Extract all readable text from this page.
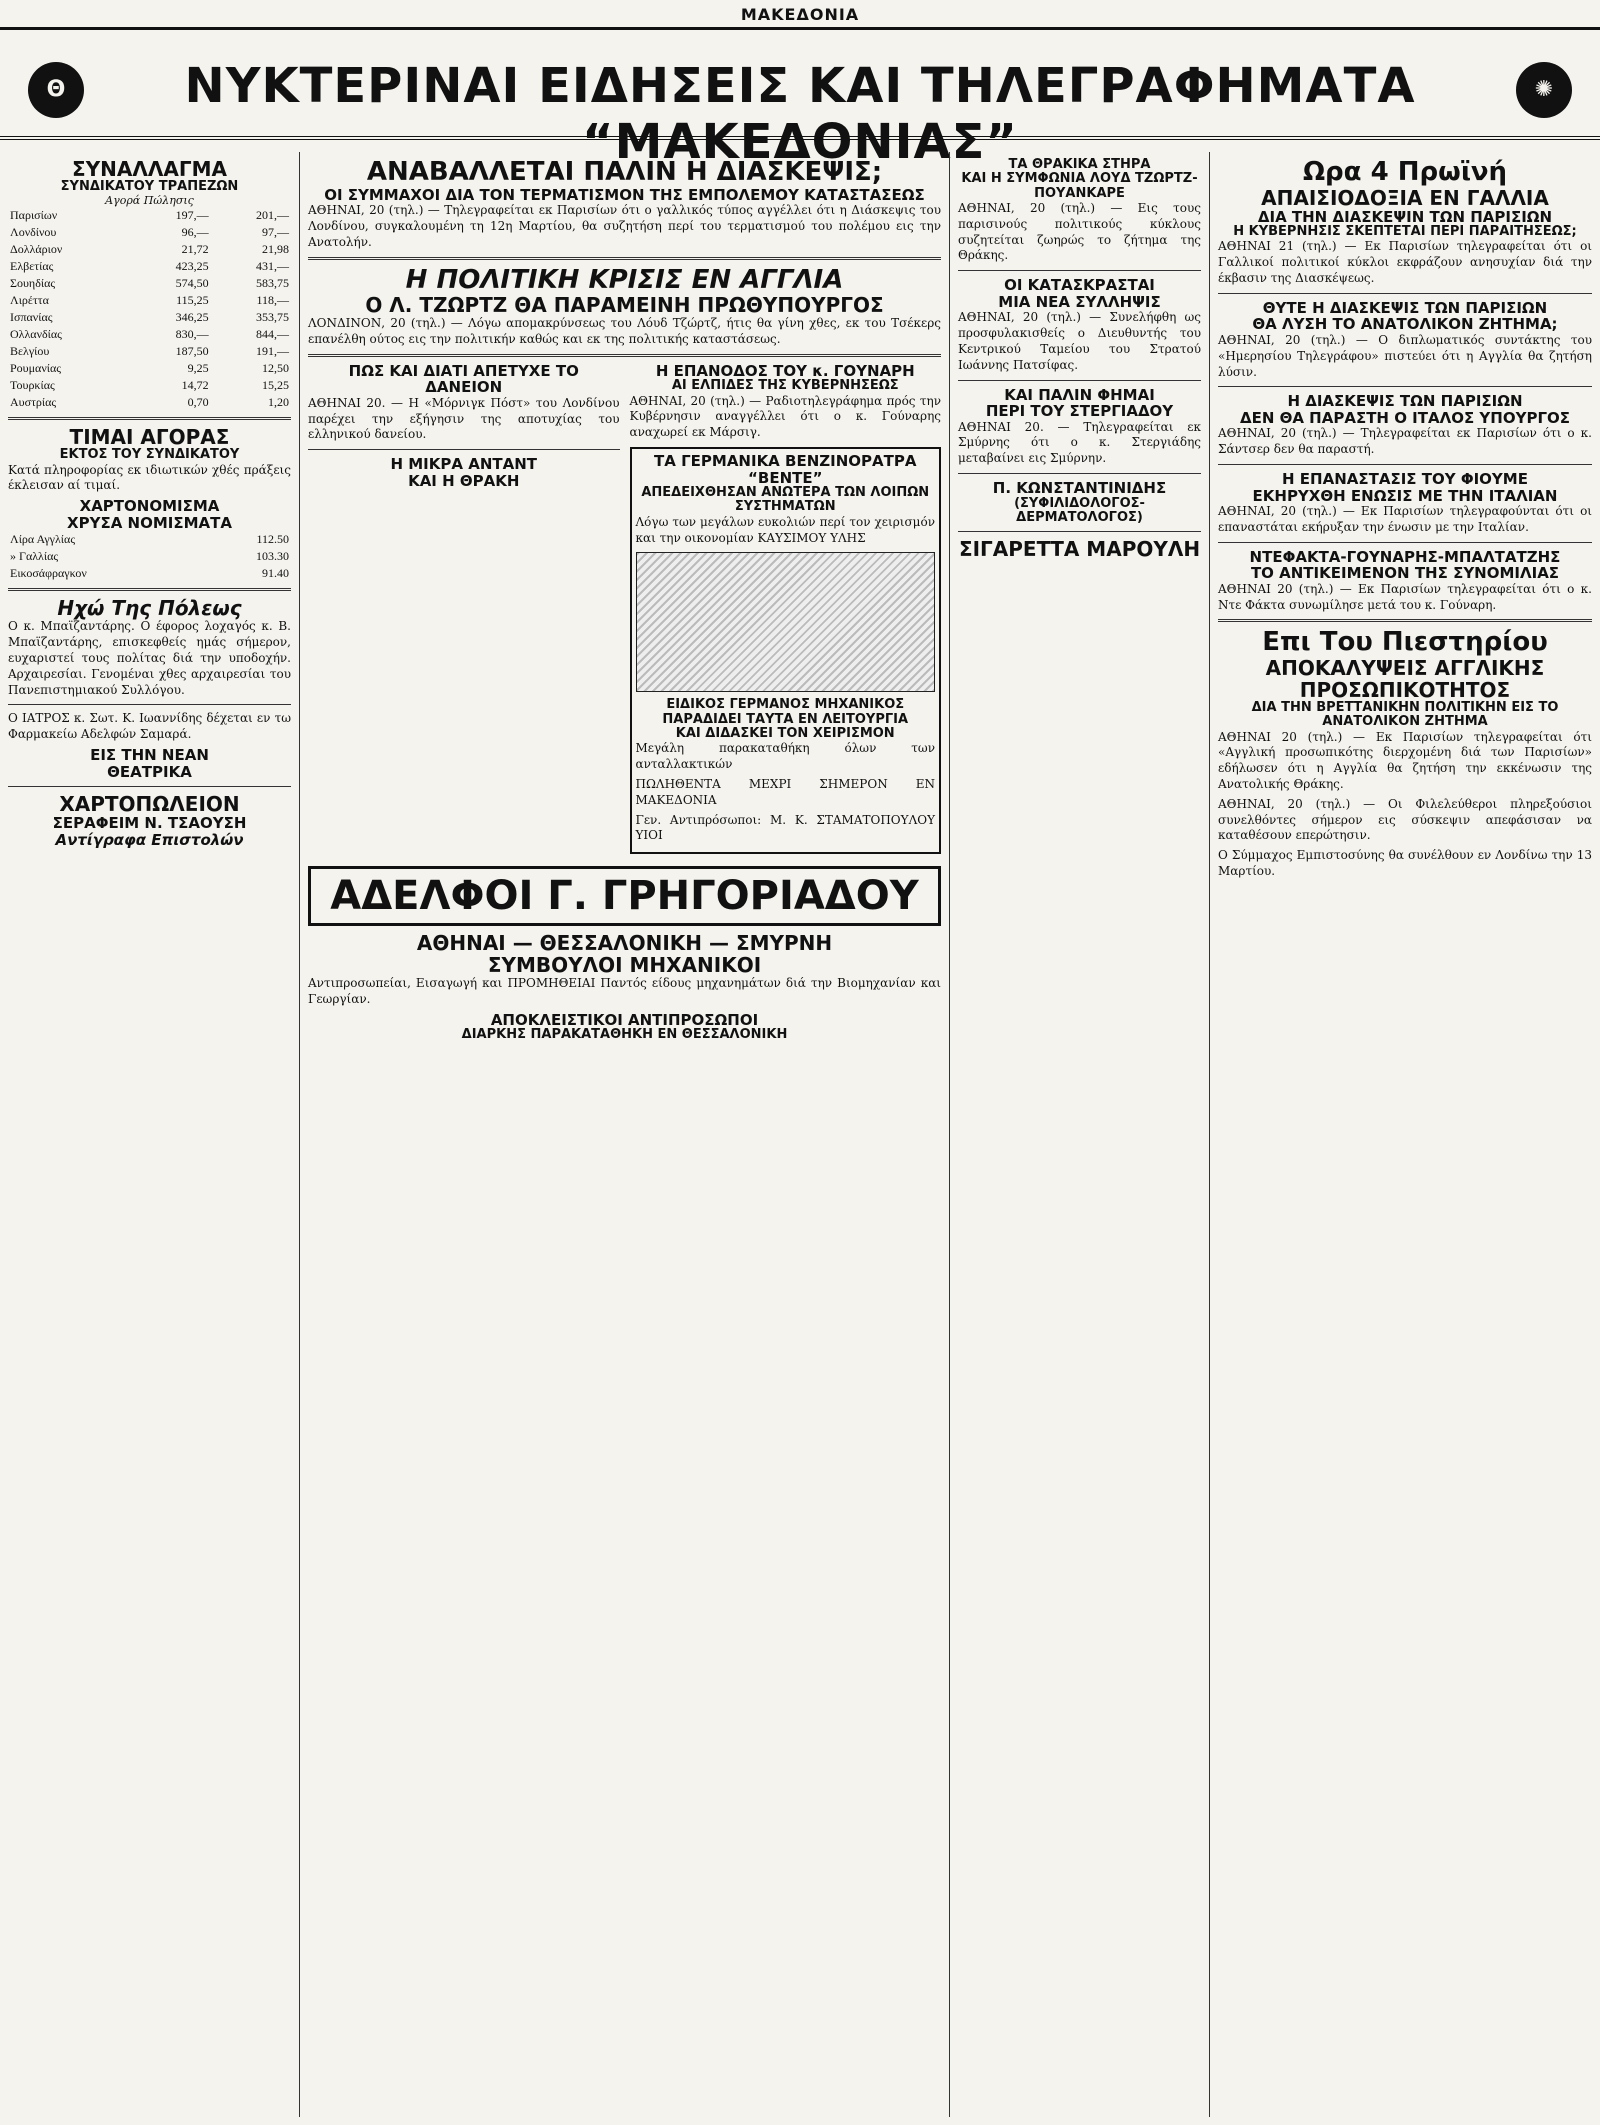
ΜΑΚΕΔΟΝΙΑ
Θ	ΝΥΚΤΕΡΙΝΑΙ ΕΙΔΗΣΕΙΣ ΚΑΙ ΤΗΛΕΓΡΑΦΗΜΑΤΑ “ΜΑΚΕΔΟΝΙΑΣ”
✺
ΣΥΝΑΛΛΑΓΜΑ
ΣΥΝΔΙΚΑΤΟΥ ΤΡΑΠΕΖΩΝ
Αγορά Πώλησις
Παρισίων	197,—	201,—
Λονδίνου	96,—	97,—
Δολλάριον	21,72	21,98
Ελβετίας	423,25	431,—
Σουηδίας	574,50	583,75
Λιρέττα	115,25	118,—
Ισπανίας	346,25	353,75
Ολλανδίας	830,—	844,—
Βελγίου	187,50	191,—
Ρουμανίας	9,25	12,50
Τουρκίας	14,72	15,25
Αυστρίας	0,70	1,20
ΤΙΜΑΙ ΑΓΟΡΑΣ
ΕΚΤΟΣ ΤΟΥ ΣΥΝΔΙΚΑΤΟΥ

Κατά πληροφορίας εκ ιδιωτικών χθές πράξεις έκλεισαν αί τιμαί.

ΧΑΡΤΟΝΟΜΙΣΜΑ
ΧΡΥΣΑ ΝΟΜΙΣΜΑΤΑ
Λίρα Αγγλίας	112.50
» Γαλλίας	103.30
Εικοσάφραγκον	91.40
Ηχώ Της Πόλεως

Ο κ. Μπαϊζαντάρης. Ο έφορος λοχαγός κ. Β. Μπαϊζαντάρης, επισκεφθείς ημάς σήμερον, ευχαριστεί τους πολίτας διά την υποδοχήν. Αρχαιρεσίαι. Γενομέναι χθες αρχαιρεσίαι του Πανεπιστημιακού Συλλόγου.

Ο ΙΑΤΡΟΣ κ. Σωτ. Κ. Ιωαννίδης δέχεται εν τω Φαρμακείω Αδελφών Σαμαρά.

ΕΙΣ ΤΗΝ ΝΕΑΝ
ΘΕΑΤΡΙΚΑ
ΧΑΡΤΟΠΩΛΕΙΟΝ
ΣΕΡΑΦΕΙΜ Ν. ΤΣΑΟΥΣΗ
Αντίγραφα Επιστολών
ΑΝΑΒΑΛΛΕΤΑΙ ΠΑΛΙΝ Η ΔΙΑΣΚΕΨΙΣ;
ΟΙ ΣΥΜΜΑΧΟΙ ΔΙΑ ΤΟΝ ΤΕΡΜΑΤΙΣΜΟΝ ΤΗΣ ΕΜΠΟΛΕΜΟΥ ΚΑΤΑΣΤΑΣΕΩΣ

ΑΘΗΝΑΙ, 20 (τηλ.) — Τηλεγραφείται εκ Παρισίων ότι ο γαλλικός τύπος αγγέλλει ότι η Διάσκεψις του Λονδίνου, συγκαλουμένη τη 12η Μαρτίου, θα συζητήση περί του τερματισμού του πολέμου εις την Ανατολήν.

Η ΠΟΛΙΤΙΚΗ ΚΡΙΣΙΣ ΕΝ ΑΓΓΛΙΑ
Ο Λ. ΤΖΩΡΤΖ ΘΑ ΠΑΡΑΜΕΙΝΗ ΠΡΩΘΥΠΟΥΡΓΟΣ

ΛΟΝΔΙΝΟΝ, 20 (τηλ.) — Λόγω απομακρύνσεως του Λόυδ Τζώρτζ, ήτις θα γίνη χθες, εκ του Τσέκερς επανέλθη ούτος εις την πολιτικήν καθώς και εκ της πολιτικής καταστάσεως.

ΠΩΣ ΚΑΙ ΔΙΑΤΙ ΑΠΕΤΥΧΕ ΤΟ ΔΑΝΕΙΟΝ

ΑΘΗΝΑΙ 20. — Η «Μόρνιγκ Πόστ» του Λονδίνου παρέχει την εξήγησιν της αποτυχίας του ελληνικού δανείου.

Η ΜΙΚΡΑ ΑΝΤΑΝΤ
ΚΑΙ Η ΘΡΑΚΗ
Η ΕΠΑΝΟΔΟΣ ΤΟΥ κ. ΓΟΥΝΑΡΗ
ΑΙ ΕΛΠΙΔΕΣ ΤΗΣ ΚΥΒΕΡΝΗΣΕΩΣ

ΑΘΗΝΑΙ, 20 (τηλ.) — Ραδιοτηλεγράφημα πρός την Κυβέρνησιν αναγγέλλει ότι ο κ. Γούναρης αναχωρεί εκ Μάρσιγ.

ΤΑ ΓΕΡΜΑΝΙΚΑ ΒΕΝΖΙΝΟΡΑΤΡΑ “ΒΕΝΤΕ”
ΑΠΕΔΕΙΧΘΗΣΑΝ ΑΝΩΤΕΡΑ ΤΩΝ ΛΟΙΠΩΝ ΣΥΣΤΗΜΑΤΩΝ

Λόγω των μεγάλων ευκολιών περί τον χειρισμόν και την οικονομίαν ΚΑΥΣΙΜΟΥ ΥΛΗΣ

ΕΙΔΙΚΟΣ ΓΕΡΜΑΝΟΣ ΜΗΧΑΝΙΚΟΣ ΠΑΡΑΔΙΔΕΙ ΤΑΥΤΑ ΕΝ ΛΕΙΤΟΥΡΓΙΑ
ΚΑΙ ΔΙΔΑΣΚΕΙ ΤΟΝ ΧΕΙΡΙΣΜΟΝ

Μεγάλη παρακαταθήκη όλων των ανταλλακτικών

ΠΩΛΗΘΕΝΤΑ ΜΕΧΡΙ ΣΗΜΕΡΟΝ ΕΝ ΜΑΚΕΔΟΝΙΑ

Γεν. Αντιπρόσωποι: Μ. Κ. ΣΤΑΜΑΤΟΠΟΥΛΟΥ ΥΙΟΙ

ΑΔΕΛΦΟΙ Γ. ΓΡΗΓΟΡΙΑΔΟΥ
ΑΘΗΝΑΙ — ΘΕΣΣΑΛΟΝΙΚΗ — ΣΜΥΡΝΗ
ΣΥΜΒΟΥΛΟΙ ΜΗΧΑΝΙΚΟΙ

Αντιπροσωπείαι, Εισαγωγή και ΠΡΟΜΗΘΕΙΑΙ Παντός είδους μηχανημάτων διά την Βιομηχανίαν και Γεωργίαν.

ΑΠΟΚΛΕΙΣΤΙΚΟΙ ΑΝΤΙΠΡΟΣΩΠΟΙ
ΔΙΑΡΚΗΣ ΠΑΡΑΚΑΤΑΘΗΚΗ ΕΝ ΘΕΣΣΑΛΟΝΙΚΗ
ΤΑ ΘΡΑΚΙΚΑ ΣΤΗΡΑ
ΚΑΙ Η ΣΥΜΦΩΝΙΑ ΛΟΥΔ ΤΖΩΡΤΖ-ΠΟΥΑΝΚΑΡΕ

ΑΘΗΝΑΙ, 20 (τηλ.) — Εις τους παρισινούς πολιτικούς κύκλους συζητείται ζωηρώς το ζήτημα της Θράκης.

ΟΙ ΚΑΤΑΣΚΡΑΣΤΑΙ
ΜΙΑ ΝΕΑ ΣΥΛΛΗΨΙΣ

ΑΘΗΝΑΙ, 20 (τηλ.) — Συνελήφθη ως προσφυλακισθείς ο Διευθυντής του Κεντρικού Ταμείου του Στρατού Ιωάννης Πατσίφας.

ΚΑΙ ΠΑΛΙΝ ΦΗΜΑΙ
ΠΕΡΙ ΤΟΥ ΣΤΕΡΓΙΑΔΟΥ

ΑΘΗΝΑΙ 20. — Τηλεγραφείται εκ Σμύρνης ότι ο κ. Στεργιάδης μεταβαίνει εις Σμύρνην.

Π. ΚΩΝΣΤΑΝΤΙΝΙΔΗΣ
(ΣΥΦΙΛΙΔΟΛΟΓΟΣ-ΔΕΡΜΑΤΟΛΟΓΟΣ)
ΣΙΓΑΡΕΤΤΑ ΜΑΡΟΥΛΗ
Ωρα 4 Πρωϊνή
ΑΠΑΙΣΙΟΔΟΞΙΑ ΕΝ ΓΑΛΛΙΑ
ΔΙΑ ΤΗΝ ΔΙΑΣΚΕΨΙΝ ΤΩΝ ΠΑΡΙΣΙΩΝ
Η ΚΥΒΕΡΝΗΣΙΣ ΣΚΕΠΤΕΤΑΙ ΠΕΡΙ ΠΑΡΑΙΤΗΣΕΩΣ;

ΑΘΗΝΑΙ 21 (τηλ.) — Εκ Παρισίων τηλεγραφείται ότι οι Γαλλικοί πολιτικοί κύκλοι εκφράζουν ανησυχίαν διά την έκβασιν της Διασκέψεως.

ΘΥΤΕ Η ΔΙΑΣΚΕΨΙΣ ΤΩΝ ΠΑΡΙΣΙΩΝ
ΘΑ ΛΥΣΗ ΤΟ ΑΝΑΤΟΛΙΚΟΝ ΖΗΤΗΜΑ;

ΑΘΗΝΑΙ, 20 (τηλ.) — Ο διπλωματικός συντάκτης του «Ημερησίου Τηλεγράφου» πιστεύει ότι η Αγγλία θα ζητήση λύσιν.

Η ΔΙΑΣΚΕΨΙΣ ΤΩΝ ΠΑΡΙΣΙΩΝ
ΔΕΝ ΘΑ ΠΑΡΑΣΤΗ Ο ΙΤΑΛΟΣ ΥΠΟΥΡΓΟΣ

ΑΘΗΝΑΙ, 20 (τηλ.) — Τηλεγραφείται εκ Παρισίων ότι ο κ. Σάντσερ δεν θα παραστή.

Η ΕΠΑΝΑΣΤΑΣΙΣ ΤΟΥ ΦΙΟΥΜΕ
ΕΚΗΡΥΧΘΗ ΕΝΩΣΙΣ ΜΕ ΤΗΝ ΙΤΑΛΙΑΝ

ΑΘΗΝΑΙ, 20 (τηλ.) — Εκ Παρισίων τηλεγραφούνται ότι οι επαναστάται εκήρυξαν την ένωσιν με την Ιταλίαν.

ΝΤΕΦΑΚΤΑ-ΓΟΥΝΑΡΗΣ-ΜΠΑΛΤΑΤΖΗΣ
ΤΟ ΑΝΤΙΚΕΙΜΕΝΟΝ ΤΗΣ ΣΥΝΟΜΙΛΙΑΣ

ΑΘΗΝΑΙ 20 (τηλ.) — Εκ Παρισίων τηλεγραφείται ότι ο κ. Ντε Φάκτα συνωμίλησε μετά του κ. Γούναρη.

Επι Του Πιεστηρίου
ΑΠΟΚΑΛΥΨΕΙΣ ΑΓΓΛΙΚΗΣ ΠΡΟΣΩΠΙΚΟΤΗΤΟΣ
ΔΙΑ ΤΗΝ ΒΡΕΤΤΑΝΙΚΗΝ ΠΟΛΙΤΙΚΗΝ ΕΙΣ ΤΟ ΑΝΑΤΟΛΙΚΟΝ ΖΗΤΗΜΑ

ΑΘΗΝΑΙ 20 (τηλ.) — Εκ Παρισίων τηλεγραφείται ότι «Αγγλική προσωπικότης διερχομένη διά των Παρισίων» εδήλωσεν ότι η Αγγλία θα ζητήση την εκκένωσιν της Ανατολικής Θράκης.

ΑΘΗΝΑΙ, 20 (τηλ.) — Οι Φιλελεύθεροι πληρεξούσιοι συνελθόντες σήμερον εις σύσκεψιν απεφάσισαν να καταθέσουν επερώτησιν.

Ο Σύμμαχος Εμπιστοσύνης θα συνέλθουν εν Λονδίνω την 13 Μαρτίου.
